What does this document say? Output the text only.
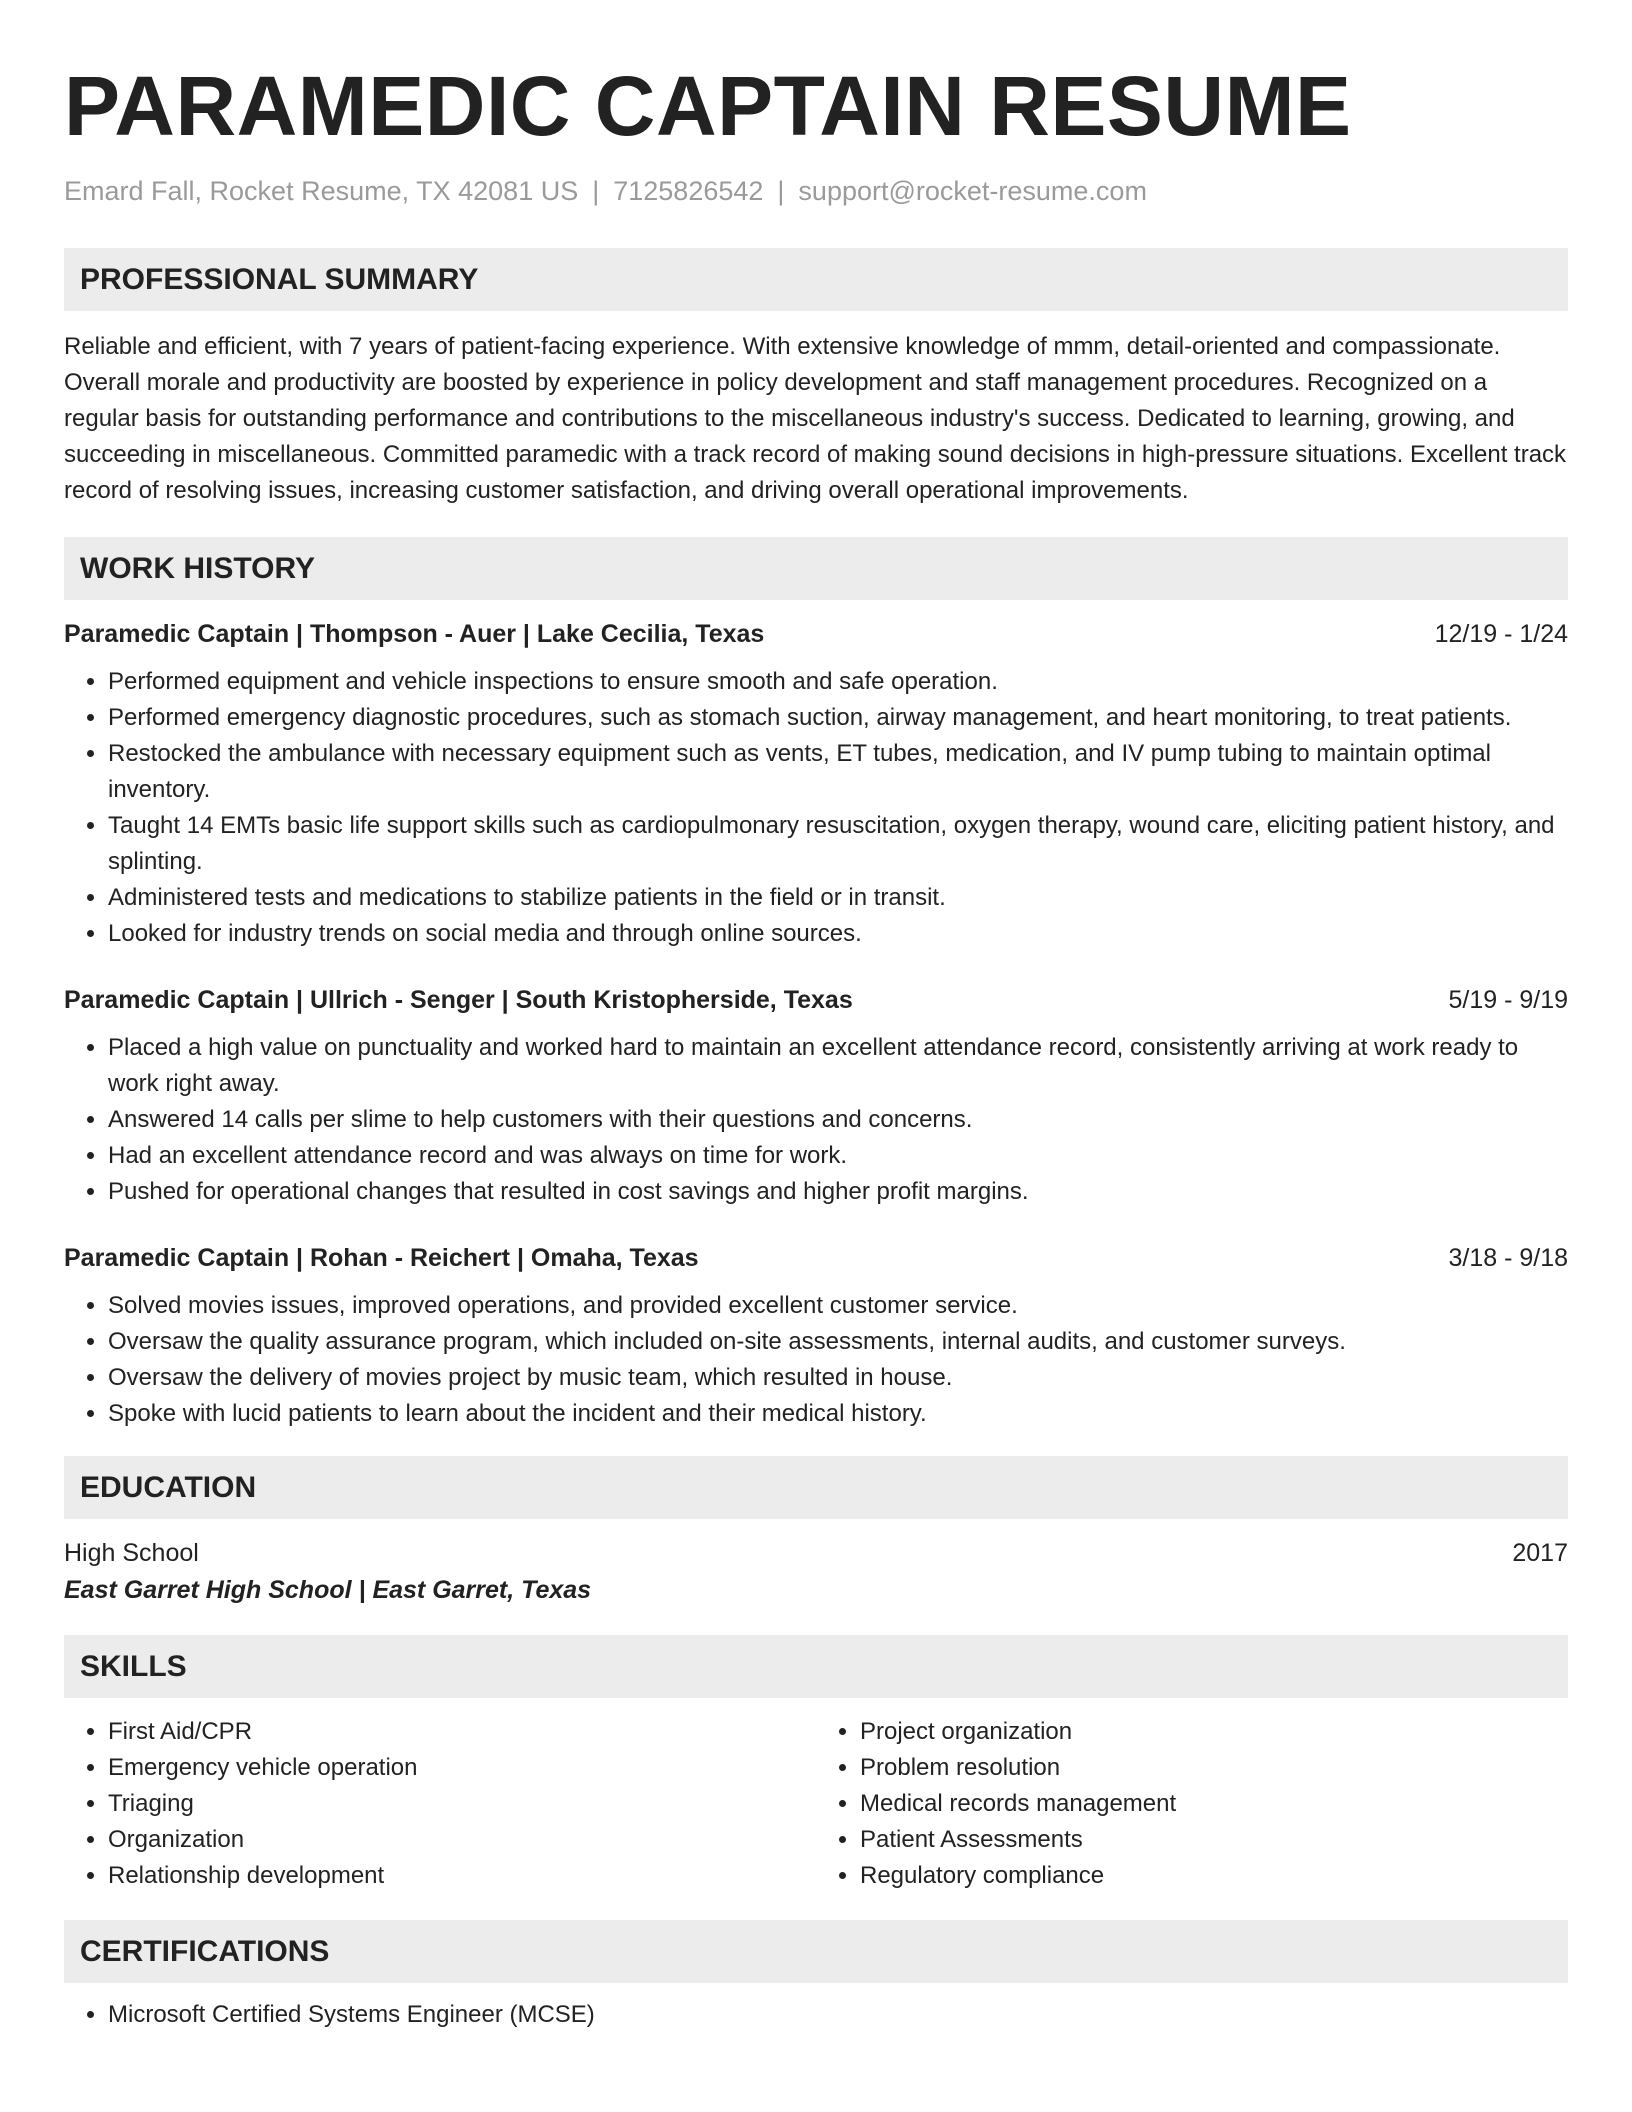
PARAMEDIC CAPTAIN RESUME
Emard Fall, Rocket Resume, TX 42081 US | 7125826542 | support@rocket-resume.com
PROFESSIONAL SUMMARY
Reliable and efficient, with 7 years of patient-facing experience. With extensive knowledge of mmm, detail-oriented and compassionate. Overall morale and productivity are boosted by experience in policy development and staff management procedures. Recognized on a regular basis for outstanding performance and contributions to the miscellaneous industry's success. Dedicated to learning, growing, and succeeding in miscellaneous. Committed paramedic with a track record of making sound decisions in high-pressure situations. Excellent track record of resolving issues, increasing customer satisfaction, and driving overall operational improvements.
WORK HISTORY
Paramedic Captain | Thompson - Auer | Lake Cecilia, Texas	12/19 - 1/24
• Performed equipment and vehicle inspections to ensure smooth and safe operation.
• Performed emergency diagnostic procedures, such as stomach suction, airway management, and heart monitoring, to treat patients.
• Restocked the ambulance with necessary equipment such as vents, ET tubes, medication, and IV pump tubing to maintain optimal inventory.
• Taught 14 EMTs basic life support skills such as cardiopulmonary resuscitation, oxygen therapy, wound care, eliciting patient history, and splinting.
• Administered tests and medications to stabilize patients in the field or in transit.
• Looked for industry trends on social media and through online sources.
Paramedic Captain | Ullrich - Senger | South Kristopherside, Texas	5/19 - 9/19
• Placed a high value on punctuality and worked hard to maintain an excellent attendance record, consistently arriving at work ready to work right away.
• Answered 14 calls per slime to help customers with their questions and concerns.
• Had an excellent attendance record and was always on time for work.
• Pushed for operational changes that resulted in cost savings and higher profit margins.
Paramedic Captain | Rohan - Reichert | Omaha, Texas	3/18 - 9/18
• Solved movies issues, improved operations, and provided excellent customer service.
• Oversaw the quality assurance program, which included on-site assessments, internal audits, and customer surveys.
• Oversaw the delivery of movies project by music team, which resulted in house.
• Spoke with lucid patients to learn about the incident and their medical history.
EDUCATION
High School	2017
East Garret High School | East Garret, Texas
SKILLS
• First Aid/CPR
• Emergency vehicle operation
• Triaging
• Organization
• Relationship development
• Project organization
• Problem resolution
• Medical records management
• Patient Assessments
• Regulatory compliance
CERTIFICATIONS
• Microsoft Certified Systems Engineer (MCSE)
